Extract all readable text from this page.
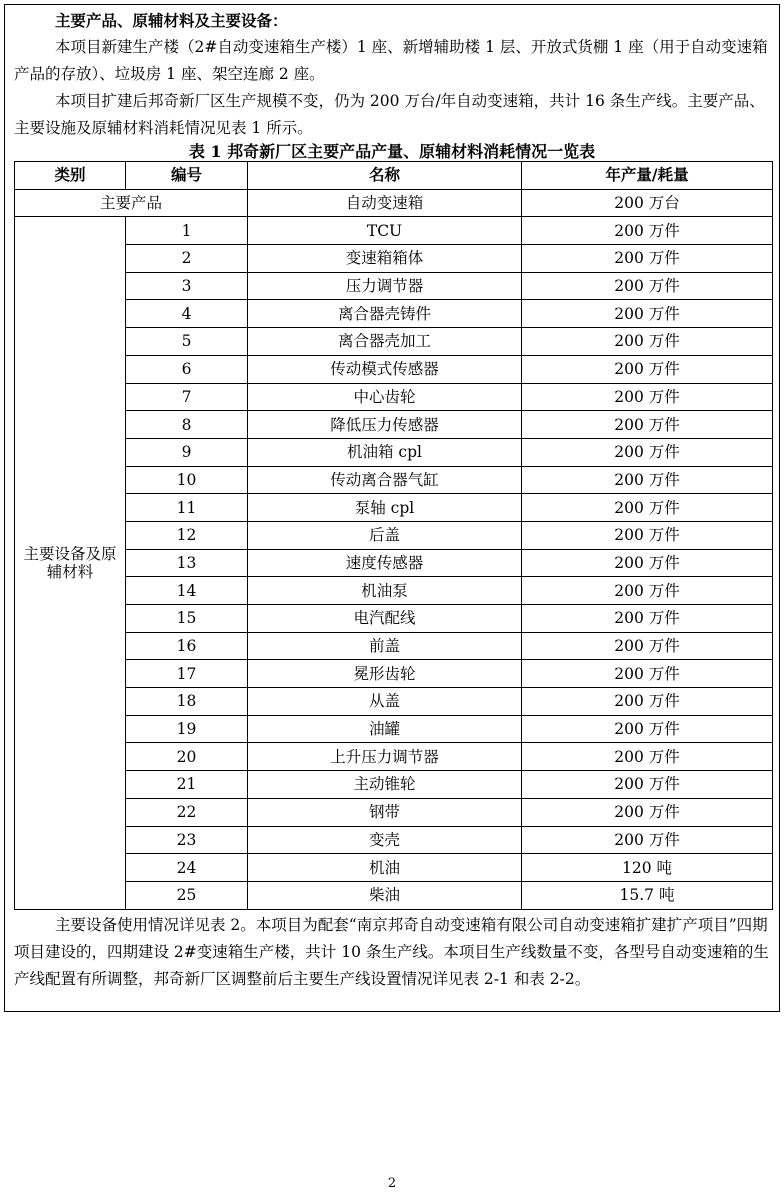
主要产品、原辅材料及主要设备：
本项目新建生产楼（2#自动变速箱生产楼）1 座、新增辅助楼 1 层、开放式货棚 1 座（用于自动变速箱产品的存放）、垃圾房 1 座、架空连廊 2 座。
本项目扩建后邦奇新厂区生产规模不变，仍为 200 万台/年自动变速箱，共计 16 条生产线。主要产品、主要设施及原辅材料消耗情况见表 1 所示。
表 1 邦奇新厂区主要产品产量、原辅材料消耗情况一览表
类别	编号	名称	年产量/耗量
主要产品		自动变速箱	200 万台
主要设备及原辅材料	1	TCU	200 万件
	2	变速箱箱体	200 万件
	3	压力调节器	200 万件
	4	离合器壳铸件	200 万件
	5	离合器壳加工	200 万件
	6	传动模式传感器	200 万件
	7	中心齿轮	200 万件
	8	降低压力传感器	200 万件
	9	机油箱 cpl	200 万件
	10	传动离合器气缸	200 万件
	11	泵轴 cpl	200 万件
	12	后盖	200 万件
	13	速度传感器	200 万件
	14	机油泵	200 万件
	15	电汽配线	200 万件
	16	前盖	200 万件
	17	冕形齿轮	200 万件
	18	从盖	200 万件
	19	油罐	200 万件
	20	上升压力调节器	200 万件
	21	主动锥轮	200 万件
	22	钢带	200 万件
	23	变壳	200 万件
	24	机油	120 吨
	25	柴油	15.7 吨
主要设备使用情况详见表 2。本项目为配套“南京邦奇自动变速箱有限公司自动变速箱扩建扩产项目”四期项目建设的，四期建设 2#变速箱生产楼，共计 10 条生产线。本项目生产线数量不变，各型号自动变速箱的生产线配置有所调整，邦奇新厂区调整前后主要生产线设置情况详见表 2-1 和表 2-2。
2
